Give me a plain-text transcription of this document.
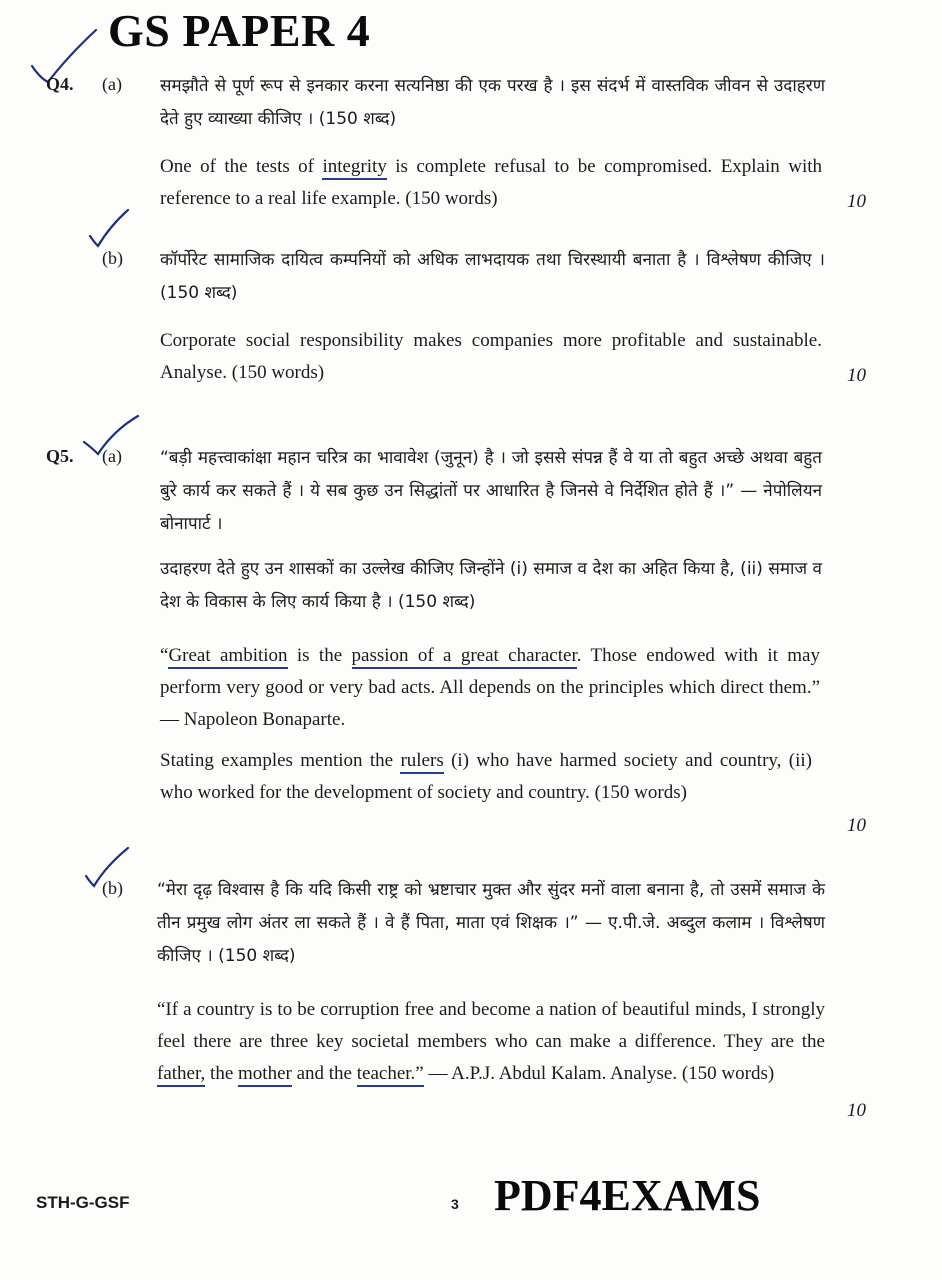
GS PAPER 4
Q4. (a) समझौते से पूर्ण रूप से इनकार करना सत्यनिष्ठा की एक परख है । इस संदर्भ में वास्तविक जीवन से उदाहरण देते हुए व्याख्या कीजिए । (150 शब्द)
One of the tests of integrity is complete refusal to be compromised. Explain with reference to a real life example. (150 words)	10
(b) कॉर्पोरेट सामाजिक दायित्व कम्पनियों को अधिक लाभदायक तथा चिरस्थायी बनाता है । विश्लेषण कीजिए । (150 शब्द)
Corporate social responsibility makes companies more profitable and sustainable. Analyse. (150 words)	10
Q5. (a) “बड़ी महत्त्वाकांक्षा महान चरित्र का भावावेश (जुनून) है । जो इससे संपन्न हैं वे या तो बहुत अच्छे अथवा बहुत बुरे कार्य कर सकते हैं । ये सब कुछ उन सिद्धांतों पर आधारित है जिनसे वे निर्देशित होते हैं ।” — नेपोलियन बोनापार्ट ।
उदाहरण देते हुए उन शासकों का उल्लेख कीजिए जिन्होंने (i) समाज व देश का अहित किया है, (ii) समाज व देश के विकास के लिए कार्य किया है । (150 शब्द)
“Great ambition is the passion of a great character. Those endowed with it may perform very good or very bad acts. All depends on the principles which direct them.” — Napoleon Bonaparte.
Stating examples mention the rulers (i) who have harmed society and country, (ii) who worked for the development of society and country. (150 words)
10
(b) “मेरा दृढ़ विश्वास है कि यदि किसी राष्ट्र को भ्रष्टाचार मुक्त और सुंदर मनों वाला बनाना है, तो उसमें समाज के तीन प्रमुख लोग अंतर ला सकते हैं । वे हैं पिता, माता एवं शिक्षक ।” — ए.पी.जे. अब्दुल कलाम । विश्लेषण कीजिए । (150 शब्द)
“If a country is to be corruption free and become a nation of beautiful minds, I strongly feel there are three key societal members who can make a difference. They are the father, the mother and the teacher.” — A.P.J. Abdul Kalam. Analyse. (150 words)
10
STH-G-GSF	3 PDF4EXAMS
